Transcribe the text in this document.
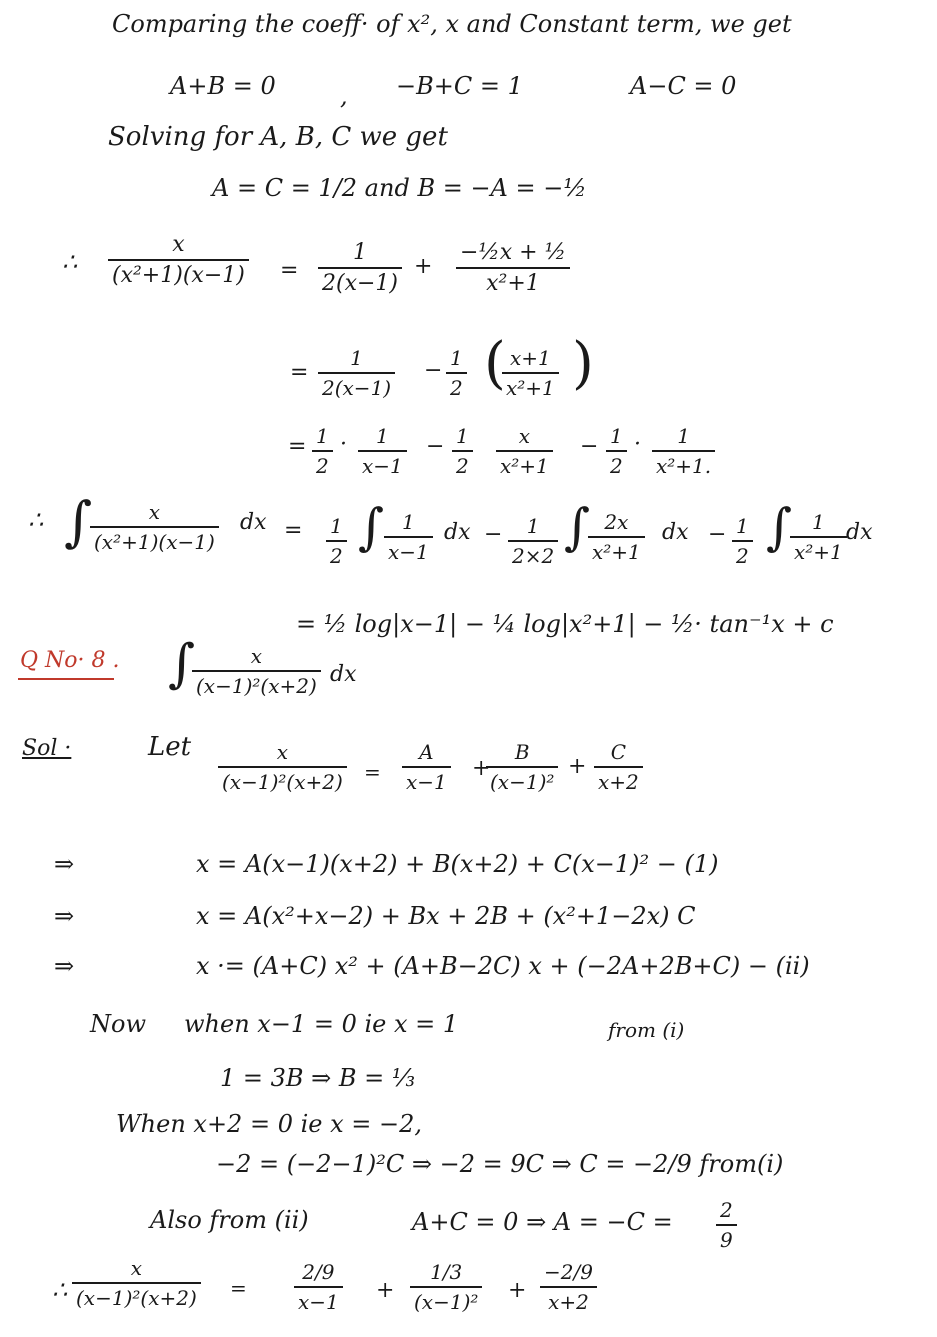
Comparing the coeff· of x², x and Constant term, we get
A+B = 0	, −B+C = 1	A−C = 0
Solving for A, B, C we get
A = C = 1/2 and B = −A = −½
∴
x
(x²+1)(x−1) =
1
2(x−1)
+
−½x + ½
x²+1
=
1
2(x−1)
− 1
2 ( x+1
x²+1 )
= 1
2
· 1
x−1
− 1
2
x
x²+1
− 1
2
· 1
x²+1.
∴ ∫	x
(x²+1)(x−1)
dx = 1
2 ∫ 1
x−1
dx − 1
2×2 ∫ 2x
x²+1
dx − 1
2 ∫ 1
x²+1
dx
= ½ log|x−1| − ¼ log|x²+1| − ½· tan⁻¹x + c
Q No· 8 . ∫	x
(x−1)²(x+2) dx
Sol ·	Let	x
(x−1)²(x+2) =
A
x−1
+
B
(x−1)²
+
C
x+2
⇒	x = A(x−1)(x+2) + B(x+2) + C(x−1)² − (1)
⇒	x = A(x²+x−2) + Bx + 2B + (x²+1−2x) C
⇒	x ·= (A+C) x² + (A+B−2C) x + (−2A+2B+C) − (ii)
Now when x−1 = 0 ie x = 1	from (i)
1 = 3B ⇒ B = ⅓
When x+2 = 0 ie x = −2,
−2 = (−2−1)²C ⇒ −2 = 9C ⇒ C = −2/9 from(i)
Also from (ii)	A+C = 0 ⇒ A = −C = 2
9
∴
x
(x−1)²(x+2) =
2/9
x−1 +
1/3
(x−1)² +
−2/9
x+2
